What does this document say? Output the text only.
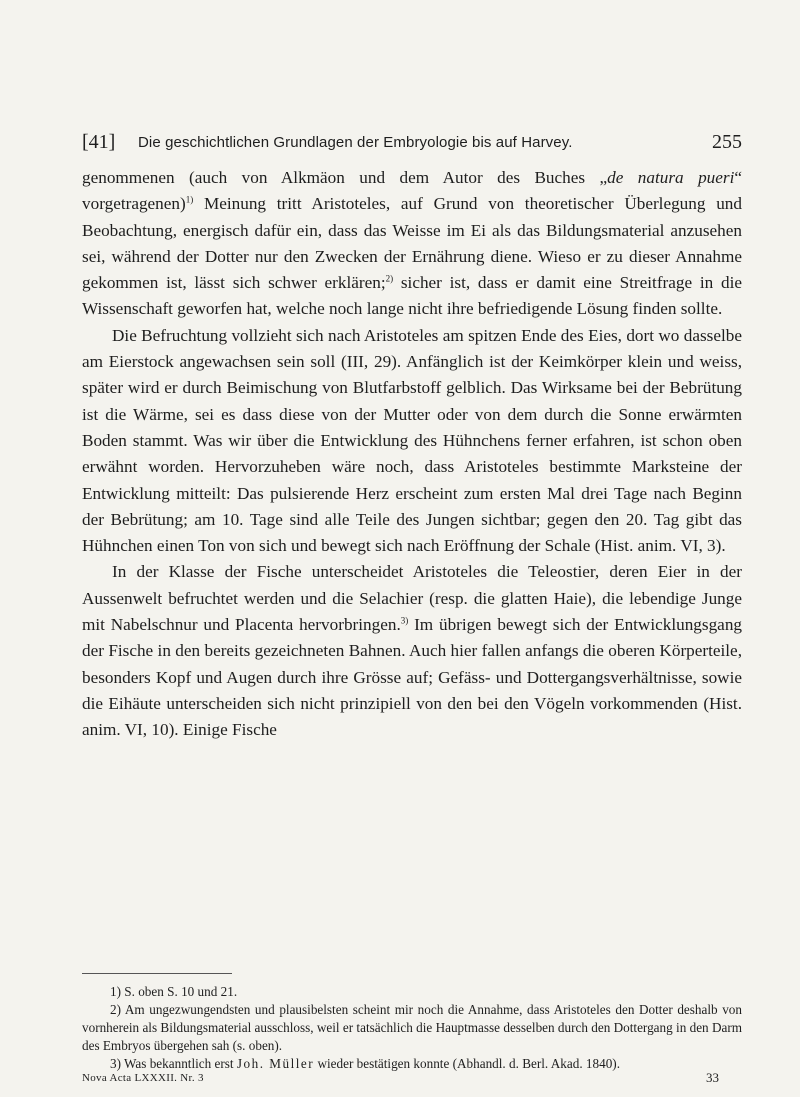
[41] Die geschichtlichen Grundlagen der Embryologie bis auf Harvey.	255

genommenen (auch von Alkmäon und dem Autor des Buches „de natura pueri“ vorgetragenen)$^{1)}$ Meinung tritt Aristoteles, auf Grund von theoretischer Überlegung und Beobachtung, energisch dafür ein, dass das Weisse im Ei als das Bildungsmaterial anzusehen sei, während der Dotter nur den Zwecken der Ernährung diene. Wieso er zu dieser Annahme gekommen ist, lässt sich schwer erklären;$^{2)}$ sicher ist, dass er damit eine Streitfrage in die Wissenschaft geworfen hat, welche noch lange nicht ihre befriedigende Lösung finden sollte.

Die Befruchtung vollzieht sich nach Aristoteles am spitzen Ende des Eies, dort wo dasselbe am Eierstock angewachsen sein soll (III, 29). Anfänglich ist der Keimkörper klein und weiss, später wird er durch Beimischung von Blutfarbstoff gelblich. Das Wirksame bei der Bebrütung ist die Wärme, sei es dass diese von der Mutter oder von dem durch die Sonne erwärmten Boden stammt. Was wir über die Entwicklung des Hühnchens ferner erfahren, ist schon oben erwähnt worden. Hervorzuheben wäre noch, dass Aristoteles bestimmte Marksteine der Entwicklung mitteilt: Das pulsierende Herz erscheint zum ersten Mal drei Tage nach Beginn der Bebrütung; am 10. Tage sind alle Teile des Jungen sichtbar; gegen den 20. Tag gibt das Hühnchen einen Ton von sich und bewegt sich nach Eröffnung der Schale (Hist. anim. VI, 3).

In der Klasse der Fische unterscheidet Aristoteles die Teleostier, deren Eier in der Aussenwelt befruchtet werden und die Selachier (resp. die glatten Haie), die lebendige Junge mit Nabelschnur und Placenta hervorbringen.$^{3)}$ Im übrigen bewegt sich der Entwicklungsgang der Fische in den bereits gezeichneten Bahnen. Auch hier fallen anfangs die oberen Körperteile, besonders Kopf und Augen durch ihre Grösse auf; Gefäss- und Dottergangsverhältnisse, sowie die Eihäute unterscheiden sich nicht prinzipiell von den bei den Vögeln vorkommenden (Hist. anim. VI, 10). Einige Fische

1) S. oben S. 10 und 21.

2) Am ungezwungendsten und plausibelsten scheint mir noch die Annahme, dass Aristoteles den Dotter deshalb von vornherein als Bildungsmaterial ausschloss, weil er tatsächlich die Hauptmasse desselben durch den Dottergang in den Darm des Embryos übergehen sah (s. oben).

3) Was bekanntlich erst Joh. Müller wieder bestätigen konnte (Abhandl. d. Berl. Akad. 1840).

Nova Acta LXXXII. Nr. 3	33
